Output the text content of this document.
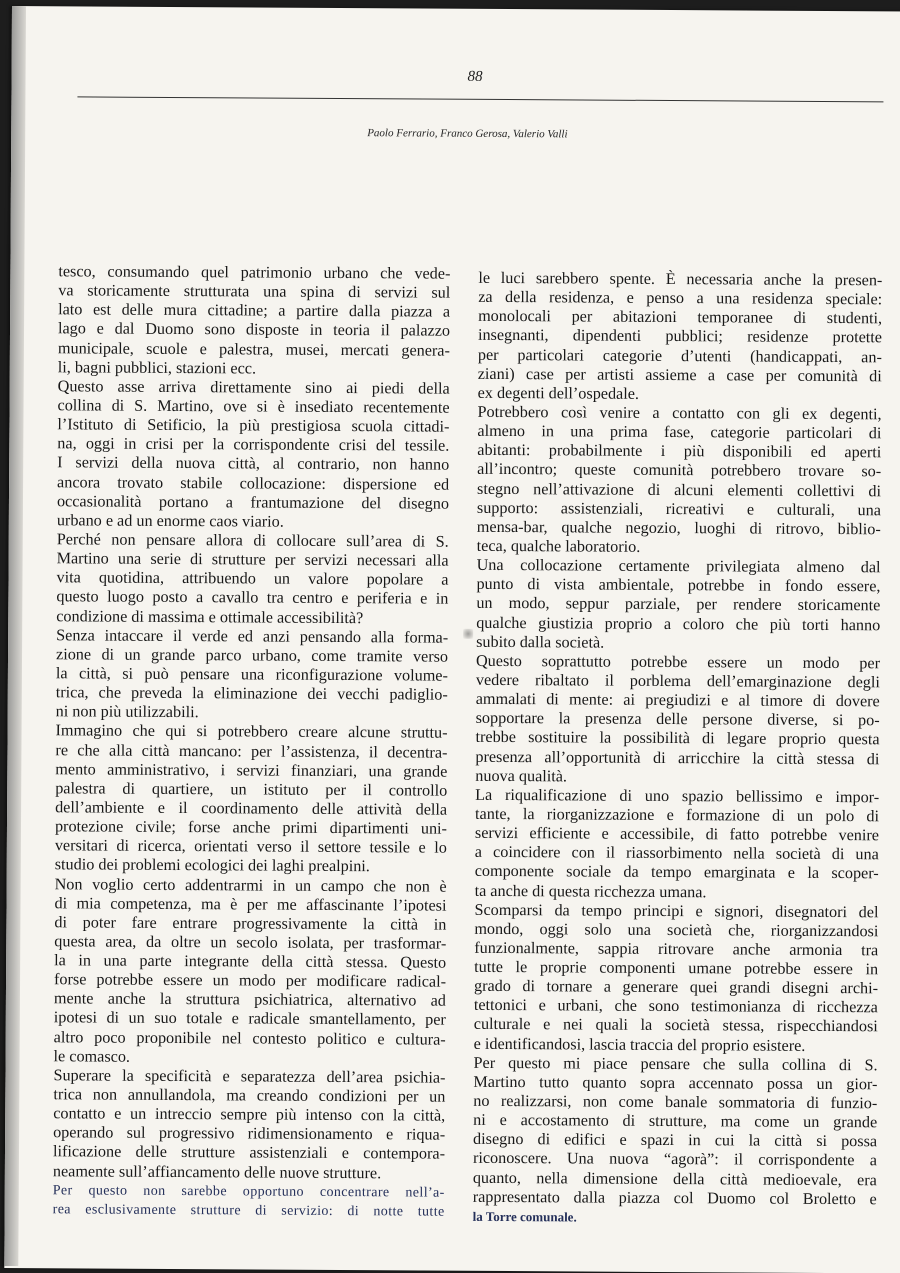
88
Paolo Ferrario, Franco Gerosa, Valerio Valli
tesco, consumando quel patrimonio urbano che vede-
va storicamente strutturata una spina di servizi sul
lato est delle mura cittadine; a partire dalla piazza a
lago e dal Duomo sono disposte in teoria il palazzo
municipale, scuole e palestra, musei, mercati genera-
li, bagni pubblici, stazioni ecc.
Questo asse arriva direttamente sino ai piedi della
collina di S. Martino, ove si è insediato recentemente
l’Istituto di Setificio, la più prestigiosa scuola cittadi-
na, oggi in crisi per la corrispondente crisi del tessile.
I servizi della nuova città, al contrario, non hanno
ancora trovato stabile collocazione: dispersione ed
occasionalità portano a frantumazione del disegno
urbano e ad un enorme caos viario.
Perché non pensare allora di collocare sull’area di S.
Martino una serie di strutture per servizi necessari alla
vita quotidina, attribuendo un valore popolare a
questo luogo posto a cavallo tra centro e periferia e in
condizione di massima e ottimale accessibilità?
Senza intaccare il verde ed anzi pensando alla forma-
zione di un grande parco urbano, come tramite verso
la città, si può pensare una riconfigurazione volume-
trica, che preveda la eliminazione dei vecchi padiglio-
ni non più utilizzabili.
Immagino che qui si potrebbero creare alcune struttu-
re che alla città mancano: per l’assistenza, il decentra-
mento amministrativo, i servizi finanziari, una grande
palestra di quartiere, un istituto per il controllo
dell’ambiente e il coordinamento delle attività della
protezione civile; forse anche primi dipartimenti uni-
versitari di ricerca, orientati verso il settore tessile e lo
studio dei problemi ecologici dei laghi prealpini.
Non voglio certo addentrarmi in un campo che non è
di mia competenza, ma è per me affascinante l’ipotesi
di poter fare entrare progressivamente la città in
questa area, da oltre un secolo isolata, per trasformar-
la in una parte integrante della città stessa. Questo
forse potrebbe essere un modo per modificare radical-
mente anche la struttura psichiatrica, alternativo ad
ipotesi di un suo totale e radicale smantellamento, per
altro poco proponibile nel contesto politico e cultura-
le comasco.
Superare la specificità e separatezza dell’area psichia-
trica non annullandola, ma creando condizioni per un
contatto e un intreccio sempre più intenso con la città,
operando sul progressivo ridimensionamento e riqua-
lificazione delle strutture assistenziali e contempora-
neamente sull’affiancamento delle nuove strutture.
Per questo non sarebbe opportuno concentrare nell’a-
rea esclusivamente strutture di servizio: di notte tutte
le luci sarebbero spente. È necessaria anche la presen-
za della residenza, e penso a una residenza speciale:
monolocali per abitazioni temporanee di studenti,
insegnanti, dipendenti pubblici; residenze protette
per particolari categorie d’utenti (handicappati, an-
ziani) case per artisti assieme a case per comunità di
ex degenti dell’ospedale.
Potrebbero così venire a contatto con gli ex degenti,
almeno in una prima fase, categorie particolari di
abitanti: probabilmente i più disponibili ed aperti
all’incontro; queste comunità potrebbero trovare so-
stegno nell’attivazione di alcuni elementi collettivi di
supporto: assistenziali, ricreativi e culturali, una
mensa-bar, qualche negozio, luoghi di ritrovo, biblio-
teca, qualche laboratorio.
Una collocazione certamente privilegiata almeno dal
punto di vista ambientale, potrebbe in fondo essere,
un modo, seppur parziale, per rendere storicamente
qualche giustizia proprio a coloro che più torti hanno
subito dalla società.
Questo soprattutto potrebbe essere un modo per
vedere ribaltato il porblema dell’emarginazione degli
ammalati di mente: ai pregiudizi e al timore di dovere
sopportare la presenza delle persone diverse, si po-
trebbe sostituire la possibilità di legare proprio questa
presenza all’opportunità di arricchire la città stessa di
nuova qualità.
La riqualificazione di uno spazio bellissimo e impor-
tante, la riorganizzazione e formazione di un polo di
servizi efficiente e accessibile, di fatto potrebbe venire
a coincidere con il riassorbimento nella società di una
componente sociale da tempo emarginata e la scoper-
ta anche di questa ricchezza umana.
Scomparsi da tempo principi e signori, disegnatori del
mondo, oggi solo una società che, riorganizzandosi
funzionalmente, sappia ritrovare anche armonia tra
tutte le proprie componenti umane potrebbe essere in
grado di tornare a generare quei grandi disegni archi-
tettonici e urbani, che sono testimonianza di ricchezza
culturale e nei quali la società stessa, rispecchiandosi
e identificandosi, lascia traccia del proprio esistere.
Per questo mi piace pensare che sulla collina di S.
Martino tutto quanto sopra accennato possa un gior-
no realizzarsi, non come banale sommatoria di funzio-
ni e accostamento di strutture, ma come un grande
disegno di edifici e spazi in cui la città si possa
riconoscere. Una nuova “agorà”: il corrispondente a
quanto, nella dimensione della città medioevale, era
rappresentato dalla piazza col Duomo col Broletto e
la Torre comunale.
